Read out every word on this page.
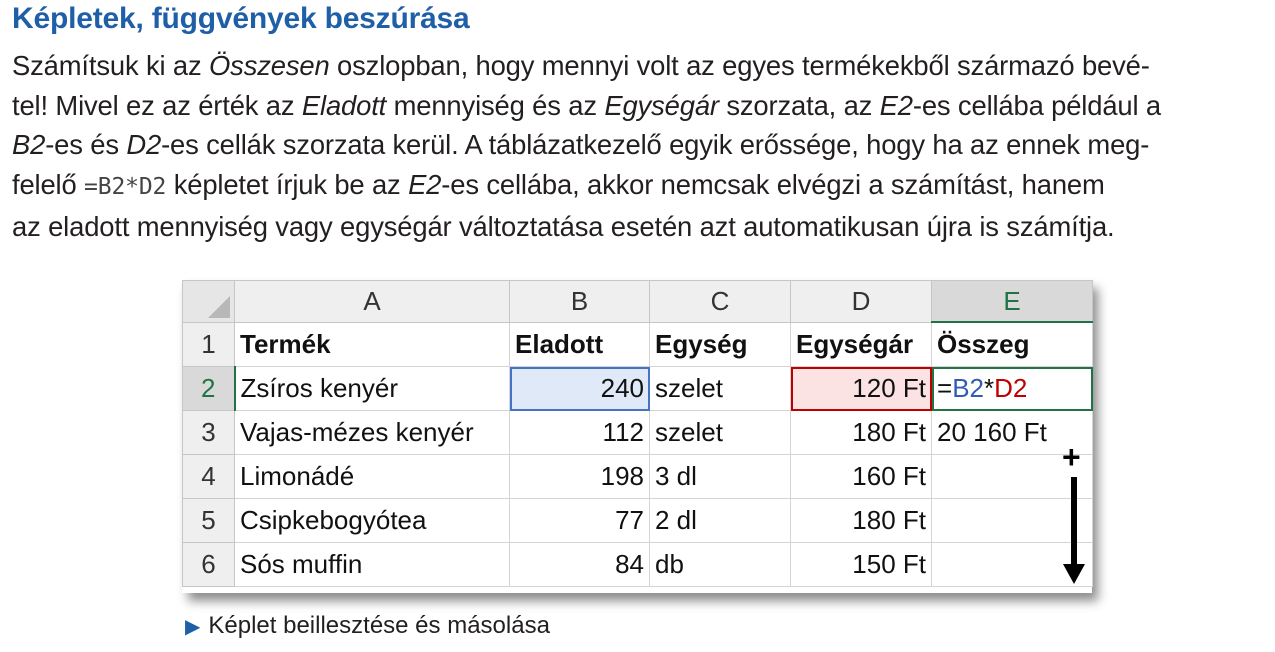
Képletek, függvények beszúrása
Számítsuk ki az Összesen oszlopban, hogy mennyi volt az egyes termékekből származó bevé-
tel! Mivel ez az érték az Eladott mennyiség és az Egységár szorzata, az E2-es cellába például a
B2-es és D2-es cellák szorzata kerül. A táblázatkezelő egyik erőssége, hogy ha az ennek meg-
felelő =B2*D2 képletet írjuk be az E2-es cellába, akkor nemcsak elvégzi a számítást, hanem
az eladott mennyiség vagy egységár változtatása esetén azt automatikusan újra is számítja.
	A	B	C	D	E
1	Termék	Eladott	Egység	Egységár	Összeg
2	Zsíros kenyér	240	szelet	120 Ft	=B2*D2
3	Vajas-mézes kenyér	112	szelet	180 Ft	20 160 Ft
4	Limonádé	198	3 dl	160 Ft	
5	Csipkebogyótea	77	2 dl	180 Ft	
6	Sós muffin	84	db	150 Ft	
+
▶ Képlet beillesztése és másolása
